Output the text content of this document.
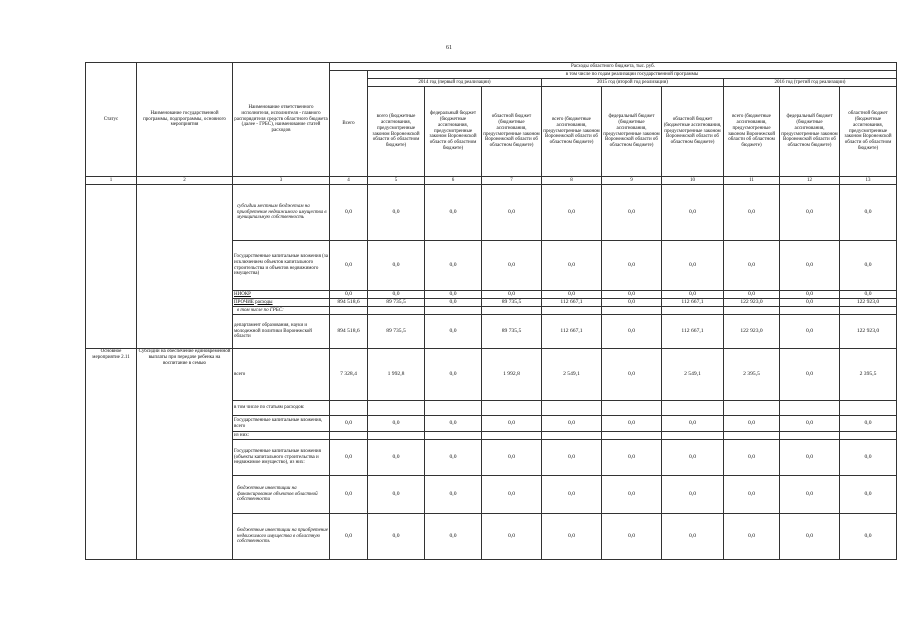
61
Статус	Наименование государственной программы, подпрограммы, основного мероприятия	Наименование ответственного исполнителя, исполнителя - главного распорядителя средств областного бюджета (далее - ГРБС), наименование статей расходов	Расходы областного бюджета, тыс. руб.									
			Всего	в том числе по годам реализации государственной программы								
				2014 год (первый год реализации)			2015 год (второй год реализации)			2016 год (третий год реализации)		
				всего (бюджетные ассигнования, предусмотренные законом Воронежской области об областном бюджете)	федеральный бюджет (бюджетные ассигнования, предусмотренные законом Воронежской области об областном бюджете)	областной бюджет (бюджетные ассигнования, предусмотренные законом Воронежской области об областном бюджете)	всего (бюджетные ассигнования, предусмотренные законом Воронежской области об областном бюджете)	федеральный бюджет (бюджетные ассигнования, предусмотренные законом Воронежской области об областном бюджете)	областной бюджет (бюджетные ассигнования, предусмотренные законом Воронежской области об областном бюджете)	всего (бюджетные ассигнования, предусмотренные законом Воронежской области об областном бюджете)	федеральный бюджет (бюджетные ассигнования, предусмотренные законом Воронежской области об областном бюджете)	областной бюджет (бюджетные ассигнования, предусмотренные законом Воронежской области об областном бюджете)
1	2	3	4	5	6	7	8	9	10	11	12	13
		субсидии местным бюджетам на приобретение недвижимого имущества в муниципальную собственность	0,0	0,0	0,0	0,0	0,0	0,0	0,0	0,0	0,0	0,0
		Государственные капитальные вложения (за исключением объектов капитального строительства и объектов недвижимого имущества)	0,0	0,0	0,0	0,0	0,0	0,0	0,0	0,0	0,0	0,0
		НИОКР	0,0	0,0	0,0	0,0	0,0	0,0	0,0	0,0	0,0	0,0
		ПРОЧИЕ расходы	894 518,6	89 735,5	0,0	89 735,5	112 667,1	0,0	112 667,1	122 923,0	0,0	122 923,0
		в том числе по ГРБС:										
		департамент образования, науки и молодежной политики Воронежской области	894 518,6	89 735,5	0,0	89 735,5	112 667,1	0,0	112 667,1	122 923,0	0,0	122 923,0
Основное мероприятие 2.11	Субсидии на обеспечение единовременной выплаты при передаче ребенка на воспитание в семью	всего	7 328,4	1 992,8	0,0	1 992,8	2 549,1	0,0	2 549,1	2 395,5	0,0	2 395,5
		в том числе по статьям расходов:										
		Государственные капитальные вложения, всего	0,0	0,0	0,0	0,0	0,0	0,0	0,0	0,0	0,0	0,0
		из них:										
		Государственные капитальные вложения (объекты капитального строительства и недвижимое имущество), из них:	0,0	0,0	0,0	0,0	0,0	0,0	0,0	0,0	0,0	0,0
		бюджетные инвестиции на финансирование объектов областной собственности	0,0	0,0	0,0	0,0	0,0	0,0	0,0	0,0	0,0	0,0
		бюджетные инвестиции на приобретение недвижимого имущества в областную собственность	0,0	0,0	0,0	0,0	0,0	0,0	0,0	0,0	0,0	0,0
